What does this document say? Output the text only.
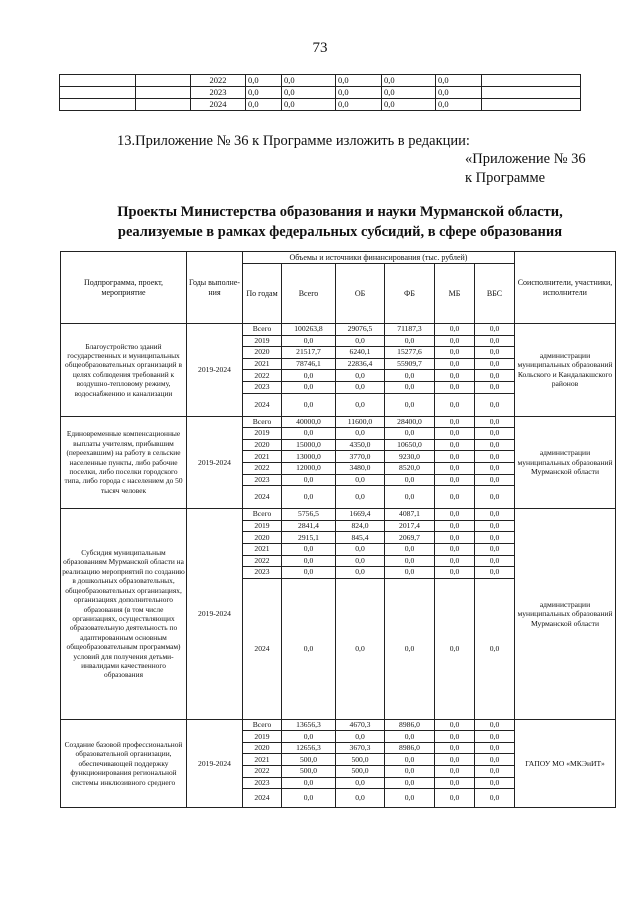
73
		2022	0,0	0,0	0,0	0,0	0,0	
		2023	0,0	0,0	0,0	0,0	0,0	
		2024	0,0	0,0	0,0	0,0	0,0	
13.Приложение № 36 к Программе изложить в редакции:
«Приложение № 36
к Программе
Проекты Министерства образования и науки Мурманской области,
реализуемые в рамках федеральных субсидий, в сфере образования
Подпрограмма, проект, мероприятие	Годы выполне-ния	Объемы и источники финансирования (тыс. рублей)						Соисполнители, участники, исполнители
		По годам	Всего	ОБ	ФБ	МБ	ВБС	
Благоустройство зданий государственных и муниципальных общеобразовательных организаций в целях соблюдения требований к воздушно-тепловому режиму, водоснабжению и канализации	2019-2024	Всего	100263,8	29076,5	71187,3	0,0	0,0	администрации муниципальных образований Кольского и Кандалакшского районов
		2019	0,0	0,0	0,0	0,0	0,0	
		2020	21517,7	6240,1	15277,6	0,0	0,0	
		2021	78746,1	22836,4	55909,7	0,0	0,0	
		2022	0,0	0,0	0,0	0,0	0,0	
		2023	0,0	0,0	0,0	0,0	0,0	
		2024	0,0	0,0	0,0	0,0	0,0	
Единовременные компенсационные выплаты учителям, прибывшим (переехавшим) на работу в сельские населенные пункты, либо рабочие поселки, либо поселки городского типа, либо города с населением до 50 тысяч человек	2019-2024	Всего	40000,0	11600,0	28400,0	0,0	0,0	администрации муниципальных образований Мурманской области
		2019	0,0	0,0	0,0	0,0	0,0	
		2020	15000,0	4350,0	10650,0	0,0	0,0	
		2021	13000,0	3770,0	9230,0	0,0	0,0	
		2022	12000,0	3480,0	8520,0	0,0	0,0	
		2023	0,0	0,0	0,0	0,0	0,0	
		2024	0,0	0,0	0,0	0,0	0,0	
Субсидия муниципальным образованиям Мурманской области на реализацию мероприятий по созданию в дошкольных образовательных, общеобразовательных организациях, организациях дополнительного образования (в том числе организациях, осуществляющих образовательную деятельность по адаптированным основным общеобразовательным программам) условий для получения детьми-инвалидами качественного образования	2019-2024	Всего	5756,5	1669,4	4087,1	0,0	0,0	администрации муниципальных образований Мурманской области
		2019	2841,4	824,0	2017,4	0,0	0,0	
		2020	2915,1	845,4	2069,7	0,0	0,0	
		2021	0,0	0,0	0,0	0,0	0,0	
		2022	0,0	0,0	0,0	0,0	0,0	
		2023	0,0	0,0	0,0	0,0	0,0	
		2024	0,0	0,0	0,0	0,0	0,0	
Создание базовой профессиональной образовательной организации, обеспечивающей поддержку функционирования региональной системы инклюзивного среднего	2019-2024	Всего	13656,3	4670,3	8986,0	0,0	0,0	ГАПОУ МО «МКЭиИТ»
		2019	0,0	0,0	0,0	0,0	0,0	
		2020	12656,3	3670,3	8986,0	0,0	0,0	
		2021	500,0	500,0	0,0	0,0	0,0	
		2022	500,0	500,0	0,0	0,0	0,0	
		2023	0,0	0,0	0,0	0,0	0,0	
		2024	0,0	0,0	0,0	0,0	0,0	
